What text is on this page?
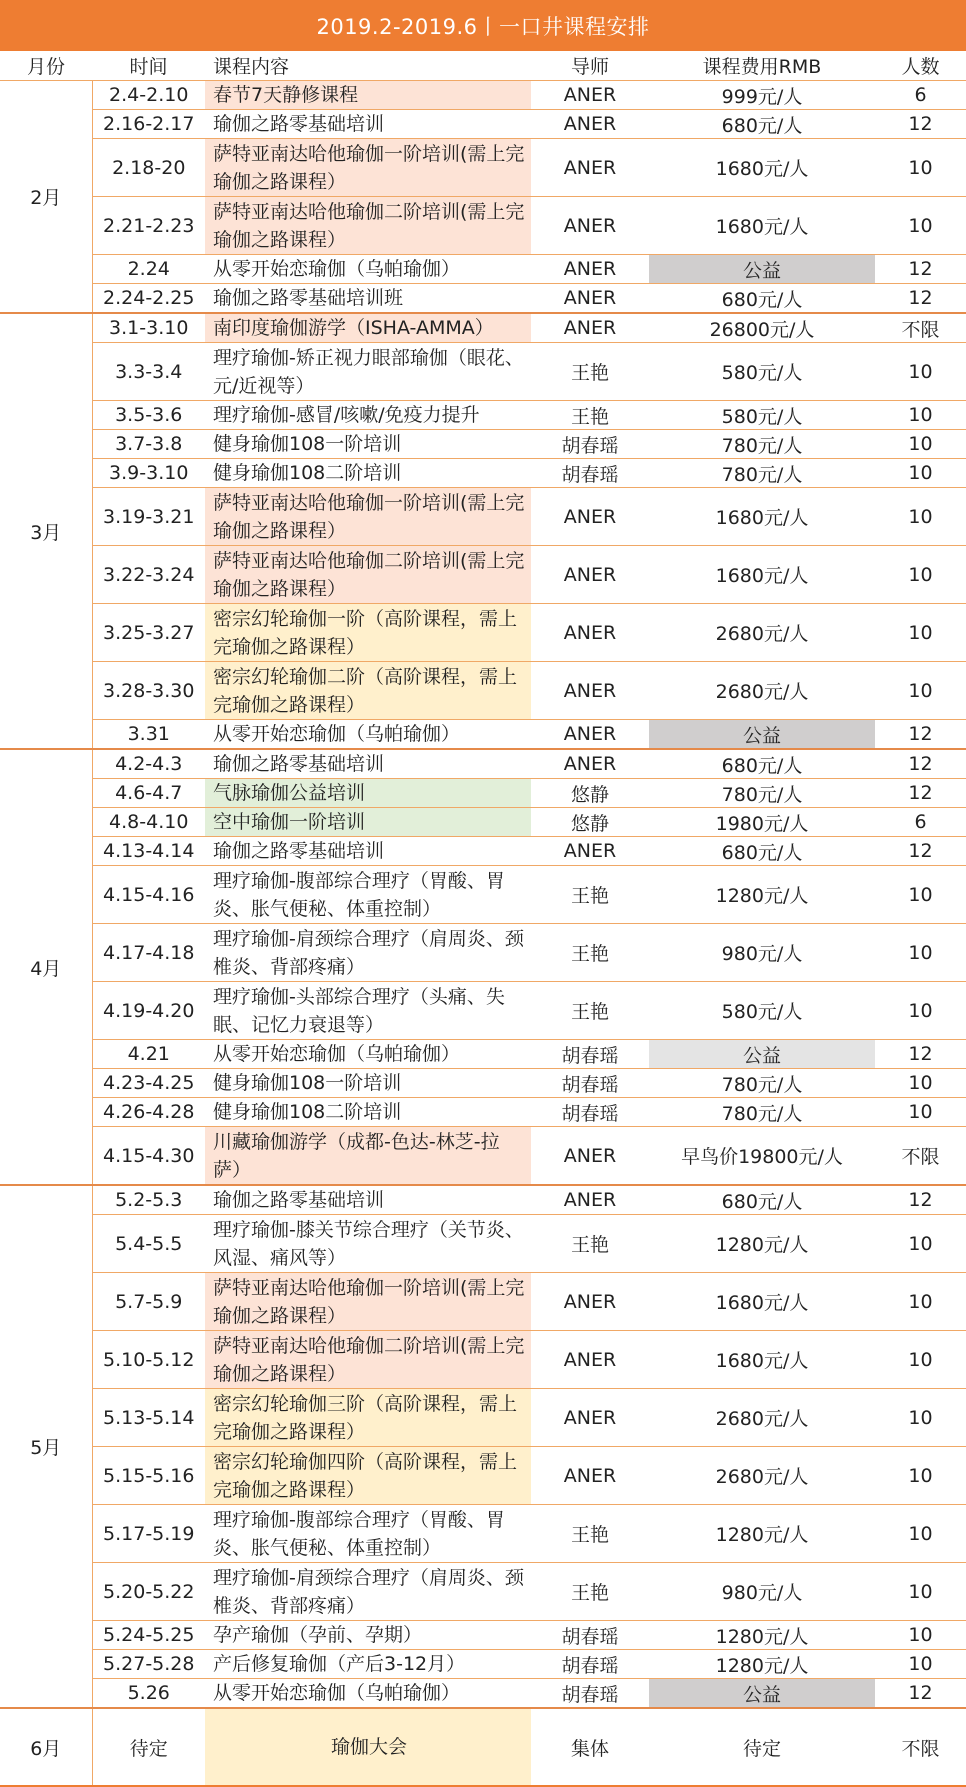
2019.2-2019.6丨一口井课程安排
月份	时间	课程内容	导师	课程费用RMB	人数
2月	2.4-2.10	春节7天静修课程	ANER	999元/人	6
	2.16-2.17	瑜伽之路零基础培训	ANER	680元/人	12
	2.18-20	萨特亚南达哈他瑜伽一阶培训(需上完瑜伽之路课程）	ANER	1680元/人	10
	2.21-2.23	萨特亚南达哈他瑜伽二阶培训(需上完瑜伽之路课程）	ANER	1680元/人	10
	2.24	从零开始恋瑜伽（乌帕瑜伽）	ANER	公益	12
	2.24-2.25	瑜伽之路零基础培训班	ANER	680元/人	12
3月	3.1-3.10	南印度瑜伽游学（ISHA-AMMA）	ANER	26800元/人	不限
	3.3-3.4	理疗瑜伽-矫正视力眼部瑜伽（眼花、元/近视等）	王艳	580元/人	10
	3.5-3.6	理疗瑜伽-感冒/咳嗽/免疫力提升	王艳	580元/人	10
	3.7-3.8	健身瑜伽108一阶培训	胡春瑶	780元/人	10
	3.9-3.10	健身瑜伽108二阶培训	胡春瑶	780元/人	10
	3.19-3.21	萨特亚南达哈他瑜伽一阶培训(需上完瑜伽之路课程）	ANER	1680元/人	10
	3.22-3.24	萨特亚南达哈他瑜伽二阶培训(需上完瑜伽之路课程）	ANER	1680元/人	10
	3.25-3.27	密宗幻轮瑜伽一阶（高阶课程，需上完瑜伽之路课程）	ANER	2680元/人	10
	3.28-3.30	密宗幻轮瑜伽二阶（高阶课程，需上完瑜伽之路课程）	ANER	2680元/人	10
	3.31	从零开始恋瑜伽（乌帕瑜伽）	ANER	公益	12
4月	4.2-4.3	瑜伽之路零基础培训	ANER	680元/人	12
	4.6-4.7	气脉瑜伽公益培训	悠静	780元/人	12
	4.8-4.10	空中瑜伽一阶培训	悠静	1980元/人	6
	4.13-4.14	瑜伽之路零基础培训	ANER	680元/人	12
	4.15-4.16	理疗瑜伽-腹部综合理疗（胃酸、胃炎、胀气便秘、体重控制）	王艳	1280元/人	10
	4.17-4.18	理疗瑜伽-肩颈综合理疗（肩周炎、颈椎炎、背部疼痛）	王艳	980元/人	10
	4.19-4.20	理疗瑜伽-头部综合理疗（头痛、失眠、记忆力衰退等）	王艳	580元/人	10
	4.21	从零开始恋瑜伽（乌帕瑜伽）	胡春瑶	公益	12
	4.23-4.25	健身瑜伽108一阶培训	胡春瑶	780元/人	10
	4.26-4.28	健身瑜伽108二阶培训	胡春瑶	780元/人	10
	4.15-4.30	川藏瑜伽游学（成都-色达-林芝-拉萨）	ANER	早鸟价19800元/人	不限
5月	5.2-5.3	瑜伽之路零基础培训	ANER	680元/人	12
	5.4-5.5	理疗瑜伽-膝关节综合理疗（关节炎、风湿、痛风等）	王艳	1280元/人	10
	5.7-5.9	萨特亚南达哈他瑜伽一阶培训(需上完瑜伽之路课程）	ANER	1680元/人	10
	5.10-5.12	萨特亚南达哈他瑜伽二阶培训(需上完瑜伽之路课程）	ANER	1680元/人	10
	5.13-5.14	密宗幻轮瑜伽三阶（高阶课程，需上完瑜伽之路课程）	ANER	2680元/人	10
	5.15-5.16	密宗幻轮瑜伽四阶（高阶课程，需上完瑜伽之路课程）	ANER	2680元/人	10
	5.17-5.19	理疗瑜伽-腹部综合理疗（胃酸、胃炎、胀气便秘、体重控制）	王艳	1280元/人	10
	5.20-5.22	理疗瑜伽-肩颈综合理疗（肩周炎、颈椎炎、背部疼痛）	王艳	980元/人	10
	5.24-5.25	孕产瑜伽（孕前、孕期）	胡春瑶	1280元/人	10
	5.27-5.28	产后修复瑜伽（产后3-12月）	胡春瑶	1280元/人	10
	5.26	从零开始恋瑜伽（乌帕瑜伽）	胡春瑶	公益	12
6月	待定	瑜伽大会	集体	待定	不限
